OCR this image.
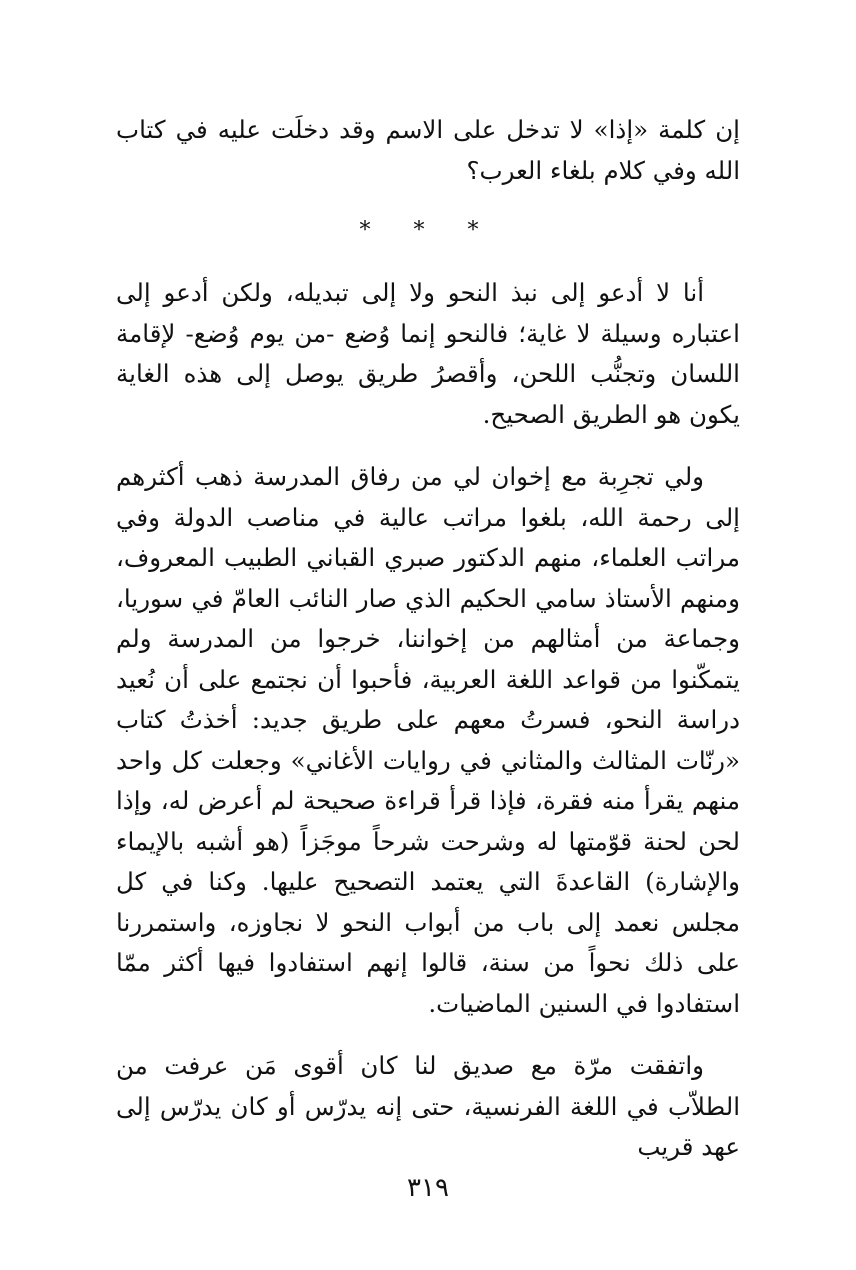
إن كلمة «إذا» لا تدخل على الاسم وقد دخلَت عليه في كتاب الله وفي كلام بلغاء العرب؟

* * *

أنا لا أدعو إلى نبذ النحو ولا إلى تبديله، ولكن أدعو إلى اعتباره وسيلة لا غاية؛ فالنحو إنما وُضع -من يوم وُضع- لإقامة اللسان وتجنُّب اللحن، وأقصرُ طريق يوصل إلى هذه الغاية يكون هو الطريق الصحيح.

ولي تجرِبة مع إخوان لي من رفاق المدرسة ذهب أكثرهم إلى رحمة الله، بلغوا مراتب عالية في مناصب الدولة وفي مراتب العلماء، منهم الدكتور صبري القباني الطبيب المعروف، ومنهم الأستاذ سامي الحكيم الذي صار النائب العامّ في سوريا، وجماعة من أمثالهم من إخواننا، خرجوا من المدرسة ولم يتمكّنوا من قواعد اللغة العربية، فأحبوا أن نجتمع على أن نُعيد دراسة النحو، فسرتُ معهم على طريق جديد: أخذتُ كتاب «رنّات المثالث والمثاني في روايات الأغاني» وجعلت كل واحد منهم يقرأ منه فقرة، فإذا قرأ قراءة صحيحة لم أعرض له، وإذا لحن لحنة قوّمتها له وشرحت شرحاً موجَزاً (هو أشبه بالإيماء والإشارة) القاعدةَ التي يعتمد التصحيح عليها. وكنا في كل مجلس نعمد إلى باب من أبواب النحو لا نجاوزه، واستمررنا على ذلك نحواً من سنة، قالوا إنهم استفادوا فيها أكثر ممّا استفادوا في السنين الماضيات.

واتفقت مرّة مع صديق لنا كان أقوى مَن عرفت من الطلاّب في اللغة الفرنسية، حتى إنه يدرّس أو كان يدرّس إلى عهد قريب

٣١٩
